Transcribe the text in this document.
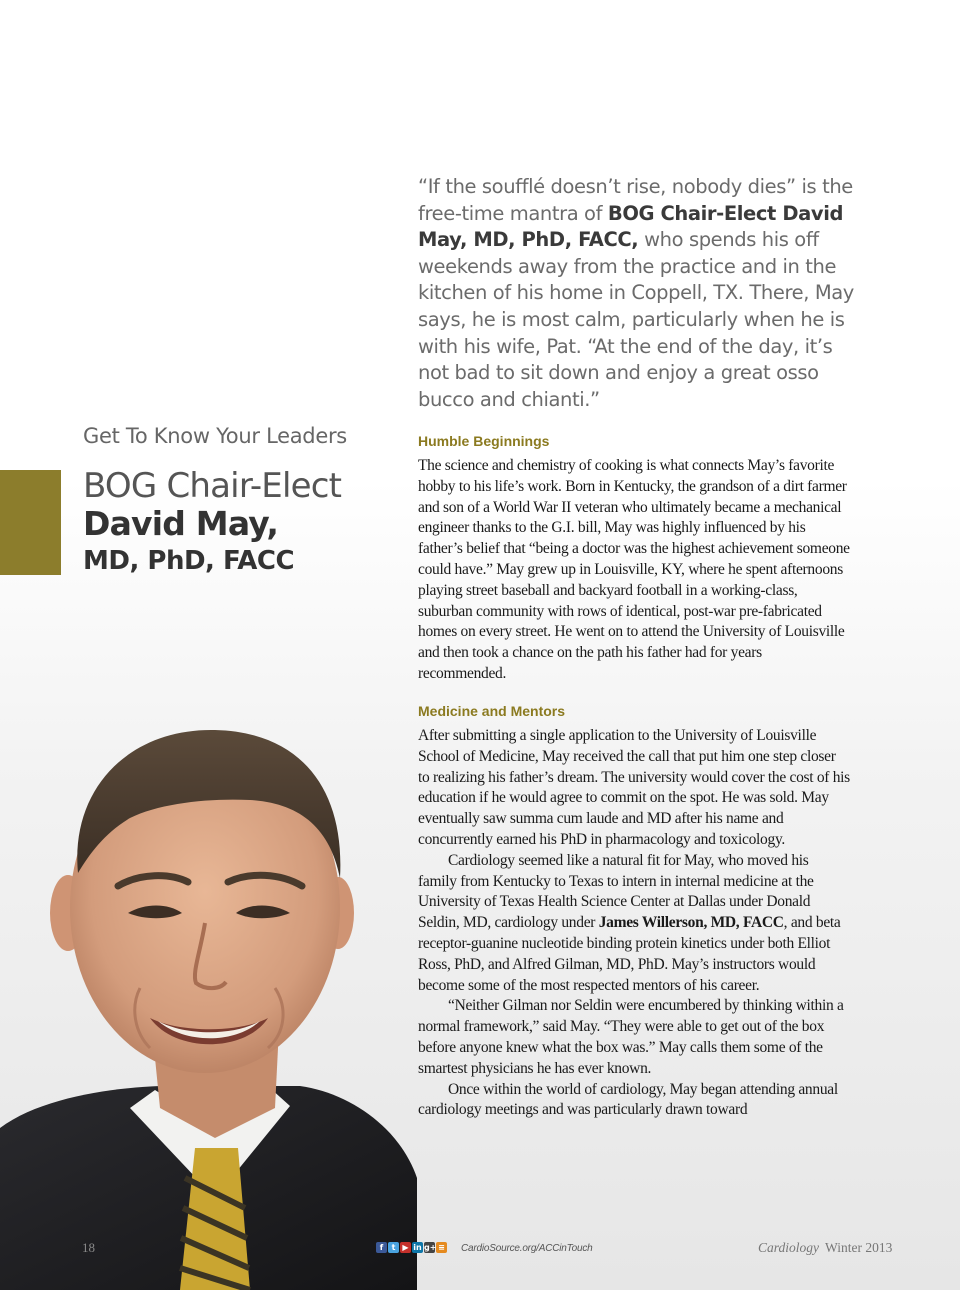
“If the soufflé doesn’t rise, nobody dies” is the free-time mantra of BOG Chair-Elect David May, MD, PhD, FACC, who spends his off weekends away from the practice and in the kitchen of his home in Coppell, TX. There, May says, he is most calm, particularly when he is with his wife, Pat. “At the end of the day, it’s not bad to sit down and enjoy a great osso bucco and chianti.”

Get To Know Your Leaders
BOG Chair-Elect
David May,
MD, PhD, FACC
Humble Beginnings

The science and chemistry of cooking is what connects May’s favorite hobby to his life’s work. Born in Kentucky, the grandson of a dirt farmer and son of a World War II veteran who ultimately became a mechanical engineer thanks to the G.I. bill, May was highly influenced by his father’s belief that “being a doctor was the highest achievement someone could have.” May grew up in Louisville, KY, where he spent afternoons playing street baseball and backyard football in a working-class, suburban community with rows of identical, post-war pre-fabricated homes on every street. He went on to attend the University of Louisville and then took a chance on the path his father had for years recommended.

Medicine and Mentors

After submitting a single application to the University of Louisville School of Medicine, May received the call that put him one step closer to realizing his father’s dream. The university would cover the cost of his education if he would agree to commit on the spot. He was sold. May eventually saw summa cum laude and MD after his name and concurrently earned his PhD in pharmacology and toxicology.

Cardiology seemed like a natural fit for May, who moved his family from Kentucky to Texas to intern in internal medicine at the University of Texas Health Science Center at Dallas under Donald Seldin, MD, cardiology under James Willerson, MD, FACC, and beta receptor-guanine nucleotide binding protein kinetics under both Elliot Ross, PhD, and Alfred Gilman, MD, PhD. May’s instructors would become some of the most respected mentors of his career.

“Neither Gilman nor Seldin were encumbered by thinking within a normal framework,” said May. “They were able to get out of the box before anyone knew what the box was.” May calls them some of the smartest physicians he has ever known.

Once within the world of cardiology, May began attending annual cardiology meetings and was particularly drawn toward

18	f	t ▶ in g+ ≡ CardioSource.org/ACCinTouch	Cardiology Winter 2013
